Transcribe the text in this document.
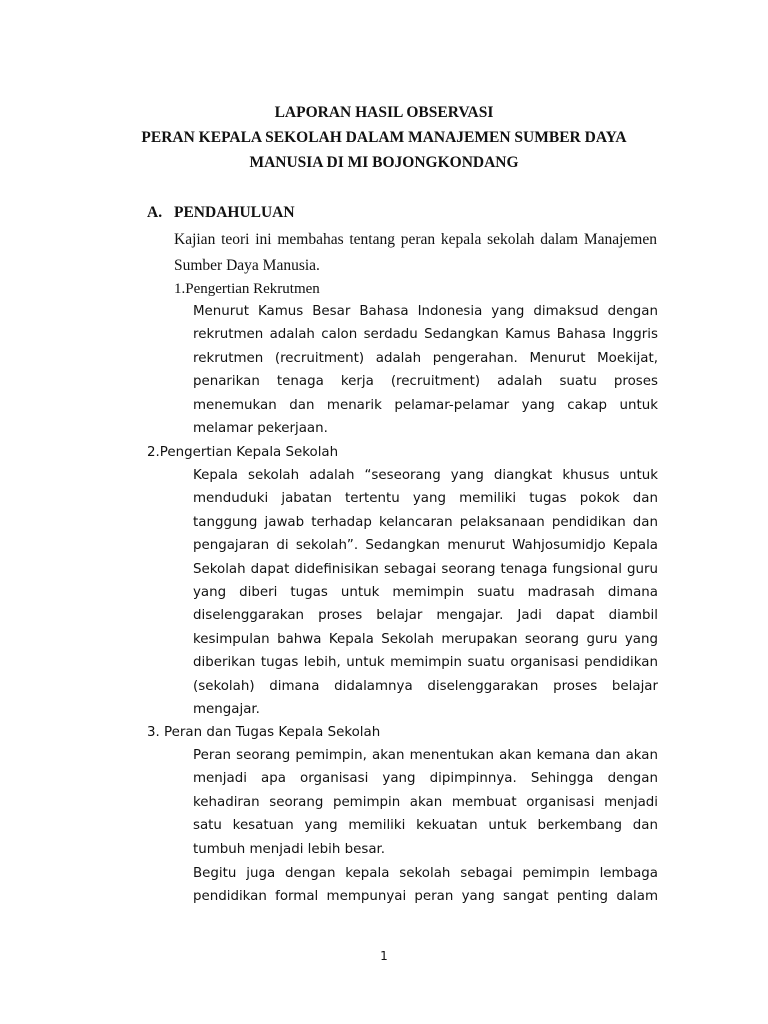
LAPORAN HASIL OBSERVASI
PERAN KEPALA SEKOLAH DALAM MANAJEMEN SUMBER DAYA
MANUSIA DI MI BOJONGKONDANG
A. PENDAHULUAN
Kajian teori ini membahas tentang peran kepala sekolah dalam Manajemen Sumber Daya Manusia.
1.Pengertian Rekrutmen
Menurut Kamus Besar Bahasa Indonesia yang dimaksud dengan rekrutmen adalah calon serdadu Sedangkan Kamus Bahasa Inggris rekrutmen (recruitment) adalah pengerahan. Menurut Moekijat, penarikan tenaga kerja (recruitment) adalah suatu proses menemukan dan menarik pelamar-pelamar yang cakap untuk melamar pekerjaan.
2.Pengertian Kepala Sekolah
Kepala sekolah adalah “seseorang yang diangkat khusus untuk menduduki jabatan tertentu yang memiliki tugas pokok dan tanggung jawab terhadap kelancaran pelaksanaan pendidikan dan pengajaran di sekolah”. Sedangkan menurut Wahjosumidjo Kepala Sekolah dapat didefinisikan sebagai seorang tenaga fungsional guru yang diberi tugas untuk memimpin suatu madrasah dimana diselenggarakan proses belajar mengajar. Jadi dapat diambil kesimpulan bahwa Kepala Sekolah merupakan seorang guru yang diberikan tugas lebih, untuk memimpin suatu organisasi pendidikan (sekolah) dimana didalamnya diselenggarakan proses belajar mengajar.
3. Peran dan Tugas Kepala Sekolah
Peran seorang pemimpin, akan menentukan akan kemana dan akan menjadi apa organisasi yang dipimpinnya. Sehingga dengan kehadiran seorang pemimpin akan membuat organisasi menjadi satu kesatuan yang memiliki kekuatan untuk berkembang dan tumbuh menjadi lebih besar.
Begitu juga dengan kepala sekolah sebagai pemimpin lembaga pendidikan formal mempunyai peran yang sangat penting dalam
1
